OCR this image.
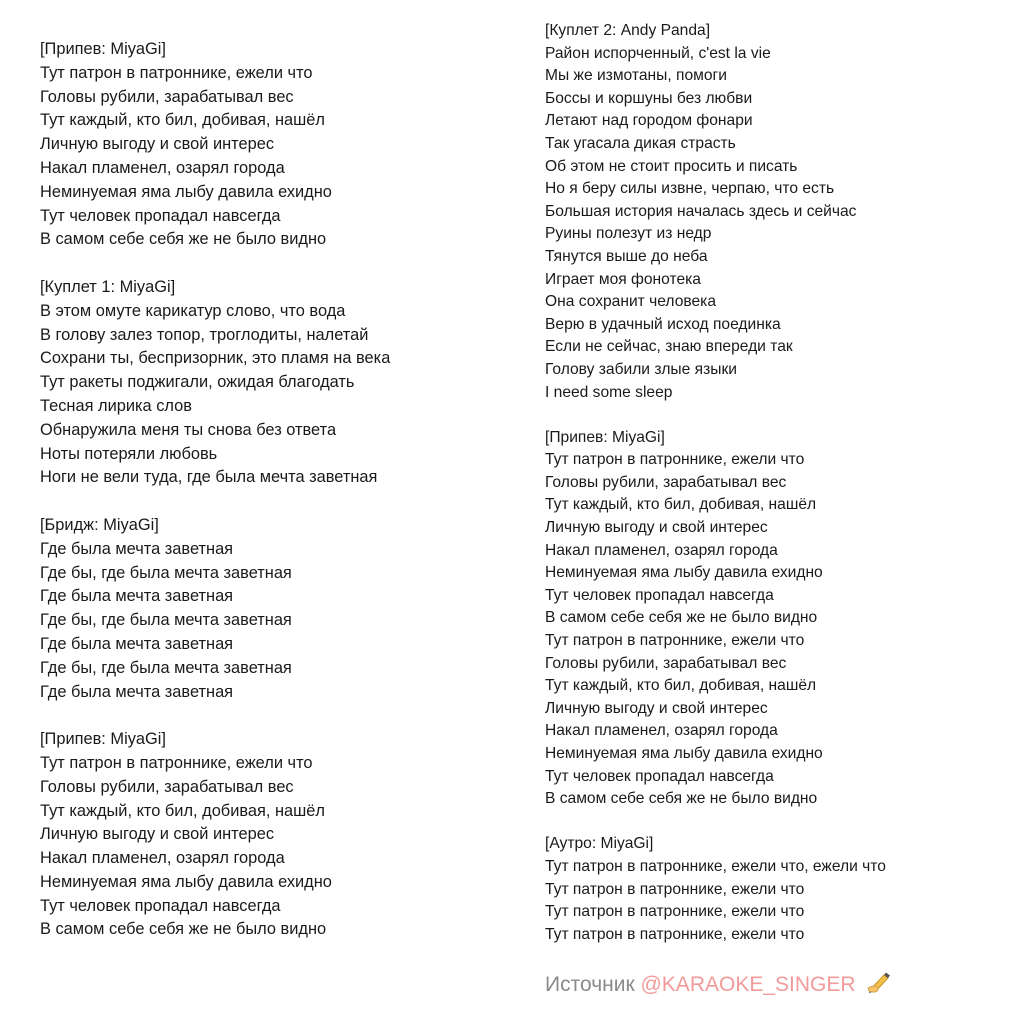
[Припев: MiyaGi]
Тут патрон в патроннике, ежели что
Головы рубили, зарабатывал вес
Тут каждый, кто бил, добивая, нашёл
Личную выгоду и свой интерес
Накал пламенел, озарял города
Неминуемая яма лыбу давила ехидно
Тут человек пропадал навсегда
В самом себе себя же не было видно
[Куплет 1: MiyaGi]
В этом омуте карикатур слово, что вода
В голову залез топор, троглодиты, налетай
Сохрани ты, беспризорник, это пламя на века
Тут ракеты поджигали, ожидая благодать
Тесная лирика слов
Обнаружила меня ты снова без ответа
Ноты потеряли любовь
Ноги не вели туда, где была мечта заветная
[Бридж: MiyaGi]
Где была мечта заветная
Где бы, где была мечта заветная
Где была мечта заветная
Где бы, где была мечта заветная
Где была мечта заветная
Где бы, где была мечта заветная
Где была мечта заветная
[Припев: MiyaGi]
Тут патрон в патроннике, ежели что
Головы рубили, зарабатывал вес
Тут каждый, кто бил, добивая, нашёл
Личную выгоду и свой интерес
Накал пламенел, озарял города
Неминуемая яма лыбу давила ехидно
Тут человек пропадал навсегда
В самом себе себя же не было видно
[Куплет 2: Andy Panda]
Район испорченный, c'est la vie
Мы же измотаны, помоги
Боссы и коршуны без любви
Летают над городом фонари
Так угасала дикая страсть
Об этом не стоит просить и писать
Но я беру силы извне, черпаю, что есть
Большая история началась здесь и сейчас
Руины полезут из недр
Тянутся выше до неба
Играет моя фонотека
Она сохранит человека
Верю в удачный исход поединка
Если не сейчас, знаю впереди так
Голову забили злые языки
I need some sleep
[Припев: MiyaGi]
Тут патрон в патроннике, ежели что
Головы рубили, зарабатывал вес
Тут каждый, кто бил, добивая, нашёл
Личную выгоду и свой интерес
Накал пламенел, озарял города
Неминуемая яма лыбу давила ехидно
Тут человек пропадал навсегда
В самом себе себя же не было видно
Тут патрон в патроннике, ежели что
Головы рубили, зарабатывал вес
Тут каждый, кто бил, добивая, нашёл
Личную выгоду и свой интерес
Накал пламенел, озарял города
Неминуемая яма лыбу давила ехидно
Тут человек пропадал навсегда
В самом себе себя же не было видно
[Аутро: MiyaGi]
Тут патрон в патроннике, ежели что, ежели что
Тут патрон в патроннике, ежели что
Тут патрон в патроннике, ежели что
Тут патрон в патроннике, ежели что
Источник @KARAOKE_SINGER
